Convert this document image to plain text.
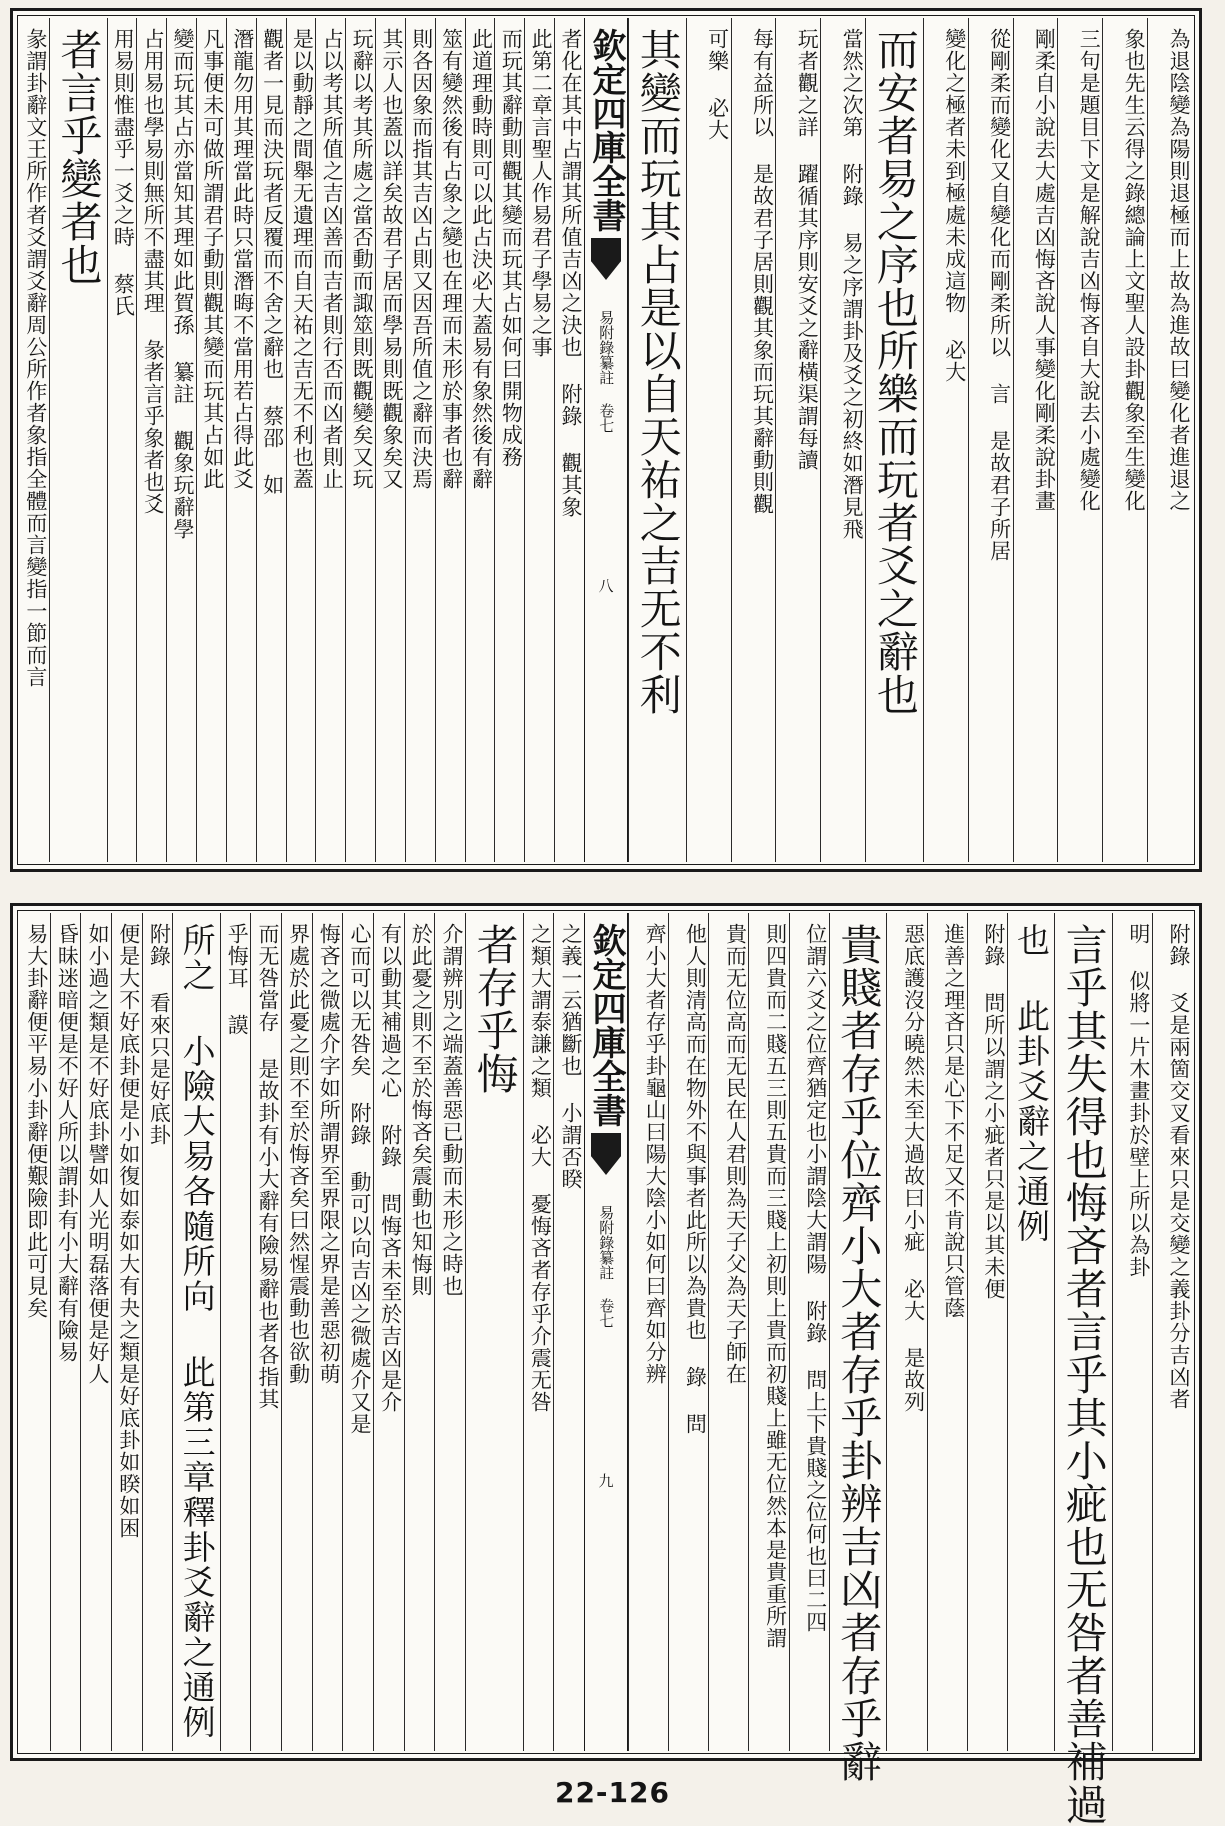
為退陰變為陽則退極而上故為進故曰變化者進退之
象也先生云得之錄總論上文聖人設卦觀象至生變化
三句是題目下文是解說吉凶悔吝自大說去小處變化
剛柔自小說去大處吉凶悔吝說人事變化剛柔說卦畫
從剛柔而變化又自變化而剛柔所以 言 是故君子所居
變化之極者未到極處未成這物 必大
而安者易之序也所樂而玩者爻之辭也
當然之次第 附錄 易之序謂卦及爻之初終如潛見飛
玩者觀之詳 躍循其序則安爻之辭橫渠謂每讀
每有益所以 是故君子居則觀其象而玩其辭動則觀
可樂 必大
其變而玩其占是以自天祐之吉无不利
欽定四庫全書
易附錄纂註 卷七
八
者化在其中占謂其所值吉凶之決也 附錄 觀其象
此第二章言聖人作易君子學易之事
而玩其辭動則觀其變而玩其占如何曰開物成務
此道理動時則可以此占決必大蓋易有象然後有辭
筮有變然後有占象之變也在理而未形於事者也辭
則各因象而指其吉凶占則又因吾所值之辭而決焉
其示人也蓋以詳矣故君子居而學易則既觀象矣又
玩辭以考其所處之當否動而諏筮則既觀變矣又玩
占以考其所值之吉凶善而吉者則行否而凶者則止
是以動靜之間舉无遺理而自天祐之吉无不利也蓋
觀者一見而決玩者反覆而不舍之辭也 蔡邵 如
潛龍勿用其理當此時只當潛晦不當用若占得此爻
凡事便未可做所謂君子動則觀其變而玩其占如此
變而玩其占亦當知其理如此賀孫 纂註 觀象玩辭學
占用易也學易則無所不盡其理 彖者言乎象者也爻
用易則惟盡乎一爻之時 蔡氏
者言乎變者也
彖謂卦辭文王所作者爻謂爻辭周公所作者象指全體而言變指一節而言
附錄 爻是兩箇交叉看來只是交變之義卦分吉凶者
明 似將一片木畫卦於壁上所以為卦
言乎其失得也悔吝者言乎其小疵也无咎者善補過
也 此卦爻辭之通例
附錄 問所以謂之小疵者只是以其未便
進善之理吝只是心下不足又不肯說只管蔭
惡底護沒分曉然未至大過故曰小疵 必大 是故列
貴賤者存乎位齊小大者存乎卦辨吉凶者存乎辭
位謂六爻之位齊猶定也小謂陰大謂陽 附錄 問上下貴賤之位何也曰二四
則四貴而二賤五三則五貴而三賤上初則上貴而初賤上雖无位然本是貴重所謂
貴而无位高而无民在人君則為天子父為天子師在
他人則清高而在物外不與事者此所以為貴也 錄 問
齊小大者存乎卦龜山曰陽大陰小如何曰齊如分辨
欽定四庫全書
易附錄纂註 卷七
九
之義一云猶斷也 小謂否睽
之類大謂泰謙之類 必大 憂悔吝者存乎介震无咎
者存乎悔
介謂辨別之端蓋善惡已動而未形之時也
於此憂之則不至於悔吝矣震動也知悔則
有以動其補過之心 附錄 問悔吝未至於吉凶是介
心而可以无咎矣 附錄 動可以向吉凶之微處介又是
悔吝之微處介字如所謂界至界限之界是善惡初萌
界處於此憂之則不至於悔吝矣曰然惺震動也欲動
而无咎當存 是故卦有小大辭有險易辭也者各指其
乎悔耳 謨
所之 小險大易各隨所向 此第三章釋卦爻辭之通例
附錄 看來只是好底卦
便是大不好底卦便是小如復如泰如大有夬之類是好底卦如睽如困
如小過之類是不好底卦譬如人光明磊落便是好人
昏昧迷暗便是不好人所以謂卦有小大辭有險易
易大卦辭便平易小卦辭便艱險即此可見矣
22-126
